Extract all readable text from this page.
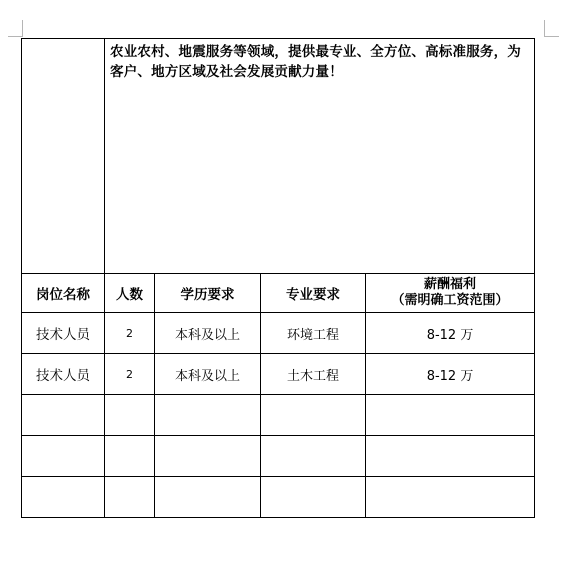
	农业农村、地震服务等领域，提供最专业、全方位、高标准服务，为客户、地方区域及社会发展贡献力量！			

岗位名称	人数	学历要求	专业要求	薪酬福利
（需明确工资范围）

技术人员	2	本科及以上	环境工程	8-12 万
技术人员	2	本科及以上	土木工程	8-12 万
